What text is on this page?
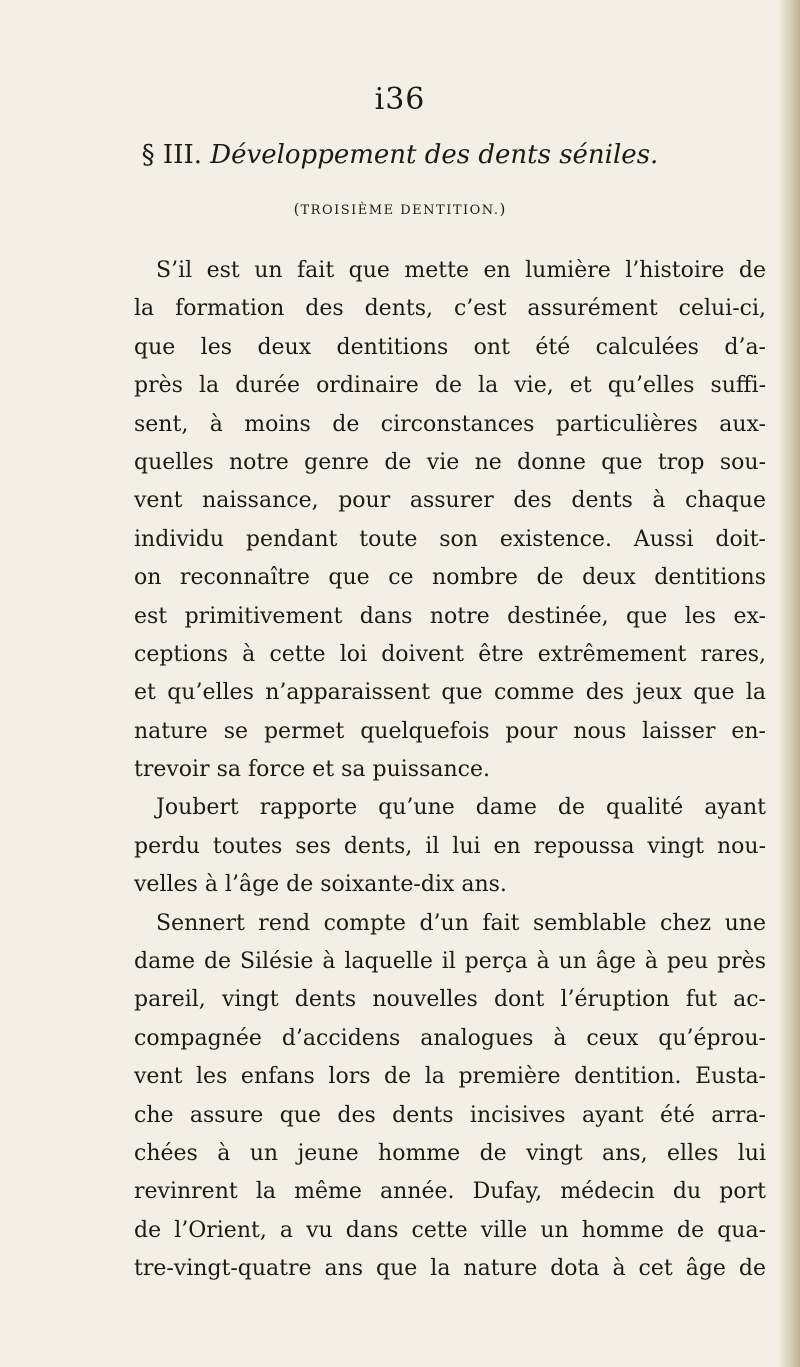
i36
§ III. Développement des dents séniles.
(TROISIÈME DENTITION.)
S’il est un fait que mette en lumière l’histoire de
la formation des dents, c’est assurément celui-ci,
que les deux dentitions ont été calculées d’a-
près la durée ordinaire de la vie, et qu’elles suffi-
sent, à moins de circonstances particulières aux-
quelles notre genre de vie ne donne que trop sou-
vent naissance, pour assurer des dents à chaque
individu pendant toute son existence. Aussi doit-
on reconnaître que ce nombre de deux dentitions
est primitivement dans notre destinée, que les ex-
ceptions à cette loi doivent être extrêmement rares,
et qu’elles n’apparaissent que comme des jeux que la
nature se permet quelquefois pour nous laisser en-
trevoir sa force et sa puissance.
Joubert rapporte qu’une dame de qualité ayant
perdu toutes ses dents, il lui en repoussa vingt nou-
velles à l’âge de soixante-dix ans.
Sennert rend compte d’un fait semblable chez une
dame de Silésie à laquelle il perça à un âge à peu près
pareil, vingt dents nouvelles dont l’éruption fut ac-
compagnée d’accidens analogues à ceux qu’éprou-
vent les enfans lors de la première dentition. Eusta-
che assure que des dents incisives ayant été arra-
chées à un jeune homme de vingt ans, elles lui
revinrent la même année. Dufay, médecin du port
de l’Orient, a vu dans cette ville un homme de qua-
tre-vingt-quatre ans que la nature dota à cet âge de
